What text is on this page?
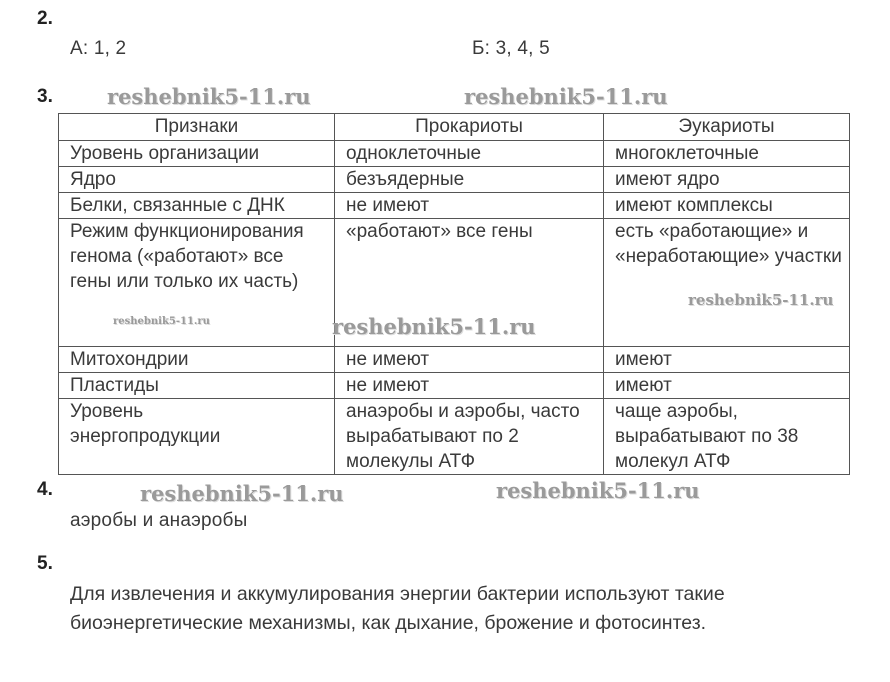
2.
А: 1, 2	Б: 3, 4, 5
3.	reshebnik5-11.ru	reshebnik5-11.ru
Признаки	Прокариоты	Эукариоты
Уровень организации	одноклеточные	многоклеточные
Ядро	безъядерные	имеют ядро
Белки, связанные с ДНК	не имеют	имеют комплексы
Режим функционирования генома («работают» все гены или только их часть)	«работают» все гены	есть «работающие» и «неработающие» участки
Митохондрии	не имеют	имеют
Пластиды	не имеют	имеют
Уровень энергопродукции	анаэробы и аэробы, часто вырабатывают по 2 молекулы АТФ	чаще аэробы, вырабатывают по 38 молекул АТФ
reshebnik5-11.ru
reshebnik5-11.ru
reshebnik5-11.ru
4.	reshebnik5-11.ru	reshebnik5-11.ru
аэробы и анаэробы
5.
Для извлечения и аккумулирования энергии бактерии используют такие биоэнергетические механизмы, как дыхание, брожение и фотосинтез.
